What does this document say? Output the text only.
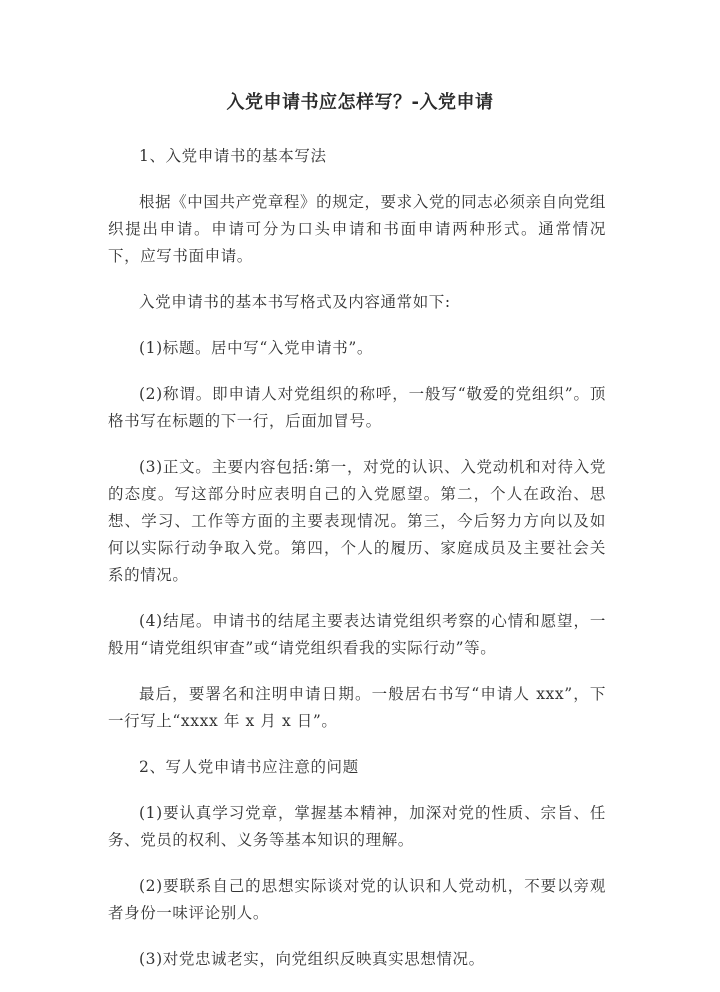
入党申请书应怎样写？-入党申请

1、入党申请书的基本写法

根据《中国共产党章程》的规定，要求入党的同志必须亲自向党组织提出申请。申请可分为口头申请和书面申请两种形式。通常情况下，应写书面申请。

入党申请书的基本书写格式及内容通常如下:

(1)标题。居中写“入党申请书”。

(2)称谓。即申请人对党组织的称呼，一般写“敬爱的党组织”。顶格书写在标题的下一行，后面加冒号。

(3)正文。主要内容包括:第一，对党的认识、入党动机和对待入党的态度。写这部分时应表明自己的入党愿望。第二，个人在政治、思想、学习、工作等方面的主要表现情况。第三，今后努力方向以及如何以实际行动争取入党。第四，个人的履历、家庭成员及主要社会关系的情况。

(4)结尾。申请书的结尾主要表达请党组织考察的心情和愿望，一般用“请党组织审查”或“请党组织看我的实际行动”等。

最后，要署名和注明申请日期。一般居右书写“申请人 xxx”，下一行写上“xxxx 年 x 月 x 日”。

2、写人党申请书应注意的问题

(1)要认真学习党章，掌握基本精神，加深对党的性质、宗旨、任务、党员的权利、义务等基本知识的理解。

(2)要联系自己的思想实际谈对党的认识和人党动机，不要以旁观者身份一味评论别人。

(3)对党忠诚老实，向党组织反映真实思想情况。
